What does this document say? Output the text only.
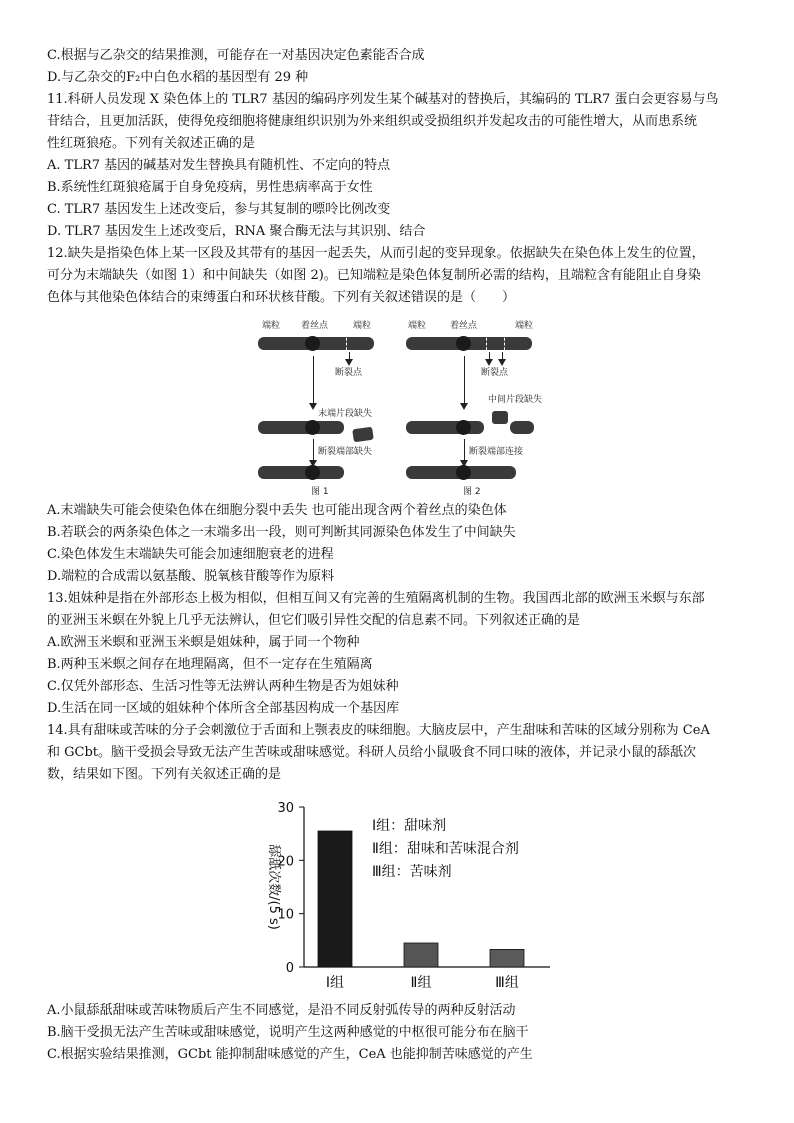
C.根据与乙杂交的结果推测，可能存在一对基因决定色素能否合成
D.与乙杂交的F₂中白色水稻的基因型有 29 种
11.科研人员发现 X 染色体上的 TLR7 基因的编码序列发生某个碱基对的替换后，其编码的 TLR7 蛋白会更容易与鸟
苷结合，且更加活跃，使得免疫细胞将健康组织识别为外来组织或受损组织并发起攻击的可能性增大，从而患系统
性红斑狼疮。下列有关叙述正确的是
A. TLR7 基因的碱基对发生替换具有随机性、不定向的特点
B.系统性红斑狼疮属于自身免疫病，男性患病率高于女性
C. TLR7 基因发生上述改变后，参与其复制的嘌呤比例改变
D. TLR7 基因发生上述改变后，RNA 聚合酶无法与其识别、结合
12.缺失是指染色体上某一区段及其带有的基因一起丢失，从而引起的变异现象。依据缺失在染色体上发生的位置，
可分为末端缺失（如图 1）和中间缺失（如图 2)。已知端粒是染色体复制所必需的结构，且端粒含有能阻止自身染
色体与其他染色体结合的束缚蛋白和环状核苷酸。下列有关叙述错误的是（　　）
端粒 着丝点	端粒
断裂点
末端片段缺失
断裂端部缺失
图 1
端粒	着丝点	端粒
断裂点
中间片段缺失
断裂端部连接
图 2
A.末端缺失可能会使染色体在细胞分裂中丢失 也可能出现含两个着丝点的染色体
B.若联会的两条染色体之一末端多出一段，则可判断其同源染色体发生了中间缺失
C.染色体发生末端缺失可能会加速细胞衰老的进程
D.端粒的合成需以氨基酸、脱氧核苷酸等作为原料
13.姐妹种是指在外部形态上极为相似，但相互间又有完善的生殖隔离机制的生物。我国西北部的欧洲玉米螟与东部
的亚洲玉米螟在外貌上几乎无法辨认，但它们吸引异性交配的信息素不同。下列叙述正确的是
A.欧洲玉米螟和亚洲玉米螟是姐妹种，属于同一个物种
B.两种玉米螟之间存在地理隔离，但不一定存在生殖隔离
C.仅凭外部形态、生活习性等无法辨认两种生物是否为姐妹种
D.生活在同一区域的姐妹种个体所含全部基因构成一个基因库
14.具有甜味或苦味的分子会刺激位于舌面和上颚表皮的味细胞。大脑皮层中，产生甜味和苦味的区域分别称为 CeA
和 GCbt。脑干受损会导致无法产生苦味或甜味感觉。科研人员给小鼠吸食不同口味的液体，并记录小鼠的舔舐次
数，结果如下图。下列有关叙述正确的是
0
10
20
30
舔舐次数/(5 s)
Ⅰ组	Ⅱ组	Ⅲ组
Ⅰ组：甜味剂
Ⅱ组：甜味和苦味混合剂
Ⅲ组：苦味剂
A.小鼠舔舐甜味或苦味物质后产生不同感觉，是沿不同反射弧传导的两种反射活动
B.脑干受损无法产生苦味或甜味感觉，说明产生这两种感觉的中枢很可能分布在脑干
C.根据实验结果推测，GCbt 能抑制甜味感觉的产生，CeA 也能抑制苦味感觉的产生
